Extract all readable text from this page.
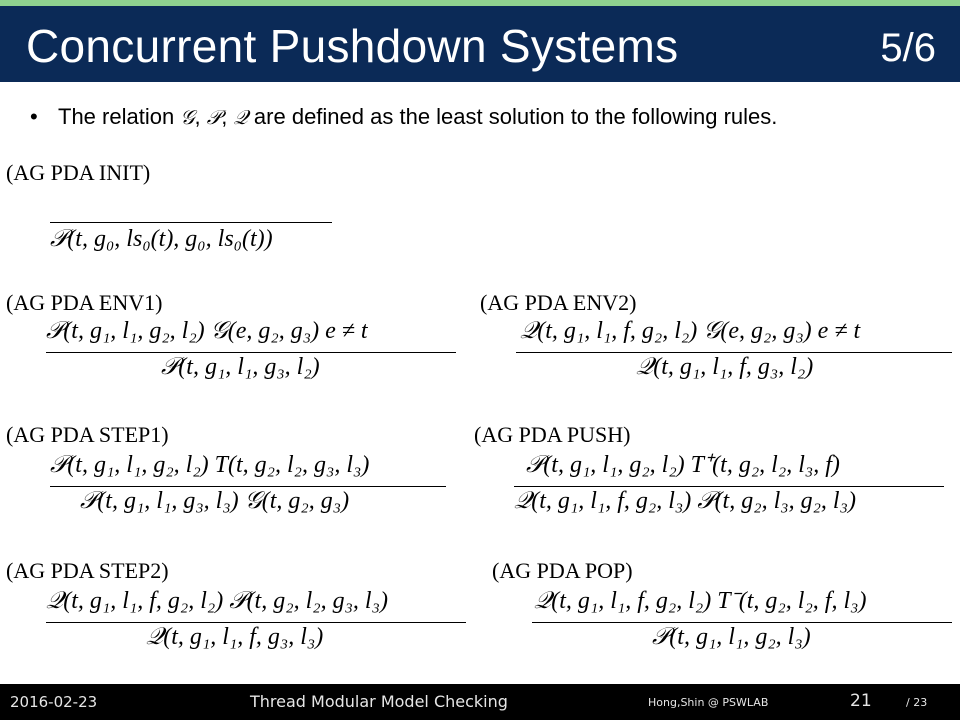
Concurrent Pushdown Systems	5/6
• The relation 𝒢, 𝒫, 𝒬 are defined as the least solution to the following rules.
(AG PDA INIT)
𝒫(t, g₀, ls₀(t), g₀, ls₀(t))
(AG PDA ENV1)
𝒫(t, g₁, l₁, g₂, l₂) 𝒢(e, g₂, g₃) e ≠ t
𝒫(t, g₁, l₁, g₃, l₂)
(AG PDA ENV2)
𝒬(t, g₁, l₁, f, g₂, l₂) 𝒢(e, g₂, g₃) e ≠ t
𝒬(t, g₁, l₁, f, g₃, l₂)
(AG PDA STEP1)
𝒫(t, g₁, l₁, g₂, l₂) T(t, g₂, l₂, g₃, l₃)
𝒫(t, g₁, l₁, g₃, l₃) 𝒢(t, g₂, g₃)
(AG PDA PUSH)
𝒫(t, g₁, l₁, g₂, l₂) T⁺(t, g₂, l₂, l₃, f)
𝒬(t, g₁, l₁, f, g₂, l₃) 𝒫(t, g₂, l₃, g₂, l₃)
(AG PDA STEP2)
𝒬(t, g₁, l₁, f, g₂, l₂) 𝒫(t, g₂, l₂, g₃, l₃)
𝒬(t, g₁, l₁, f, g₃, l₃)
(AG PDA POP)
𝒬(t, g₁, l₁, f, g₂, l₂) T⁻(t, g₂, l₂, f, l₃)
𝒫(t, g₁, l₁, g₂, l₃)
2016-02-23	Thread Modular Model Checking	Hong,Shin @ PSWLAB	21	/ 23
